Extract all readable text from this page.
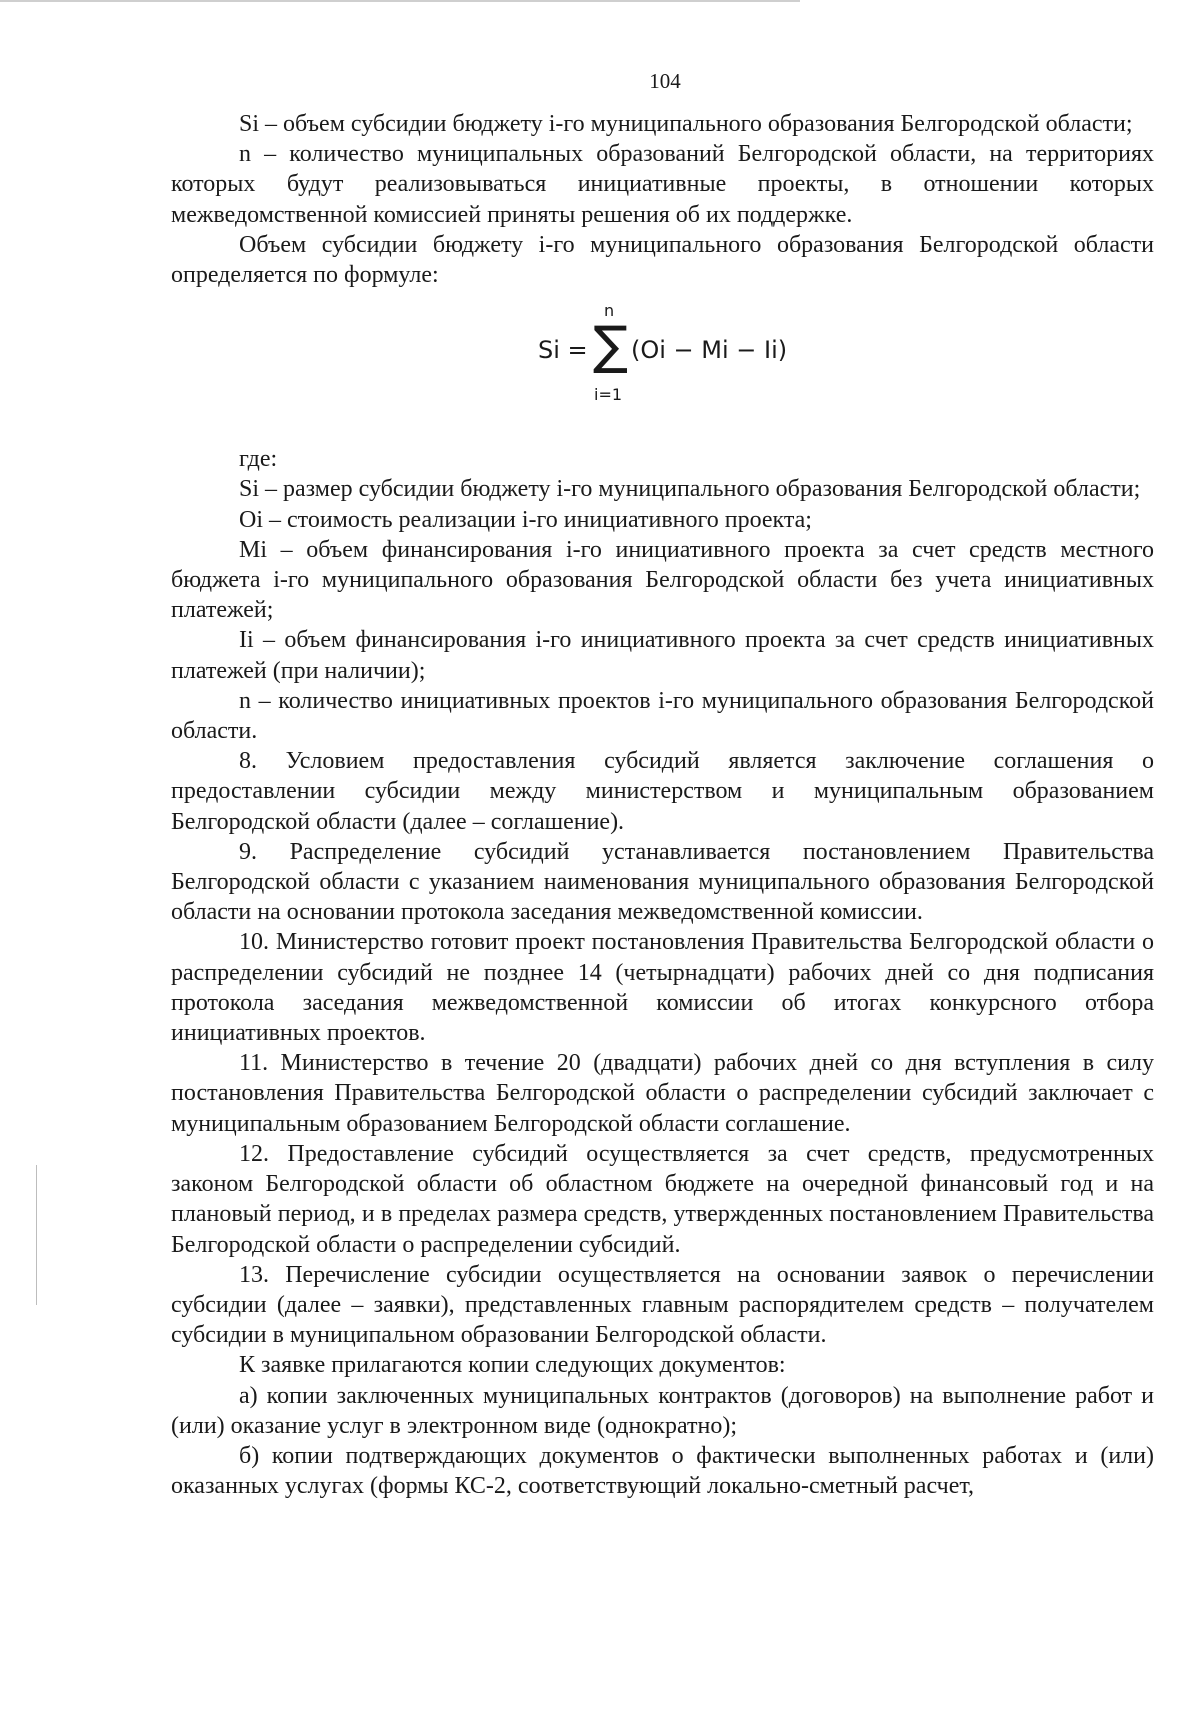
104

Si – объем субсидии бюджету i-го муниципального образования Белгородской области;

n – количество муниципальных образований Белгородской области, на территориях которых будут реализовываться инициативные проекты, в отношении которых межведомственной комиссией приняты решения об их поддержке.

Объем субсидии бюджету i-го муниципального образования Белгородской области определяется по формуле:

Si =
n
∑
i=1
(Oi − Mi − Ii)

где:

Si – размер субсидии бюджету i-го муниципального образования Белгородской области;

Oi – стоимость реализации i-го инициативного проекта;

Mi – объем финансирования i-го инициативного проекта за счет средств местного бюджета i-го муниципального образования Белгородской области без учета инициативных платежей;

Ii – объем финансирования i-го инициативного проекта за счет средств инициативных платежей (при наличии);

n – количество инициативных проектов i-го муниципального образования Белгородской области.

8. Условием предоставления субсидий является заключение соглашения о предоставлении субсидии между министерством и муниципальным образованием Белгородской области (далее – соглашение).

9. Распределение субсидий устанавливается постановлением Правительства Белгородской области с указанием наименования муниципального образования Белгородской области на основании протокола заседания межведомственной комиссии.

10. Министерство готовит проект постановления Правительства Белгородской области о распределении субсидий не позднее 14 (четырнадцати) рабочих дней со дня подписания протокола заседания межведомственной комиссии об итогах конкурсного отбора инициативных проектов.

11. Министерство в течение 20 (двадцати) рабочих дней со дня вступления в силу постановления Правительства Белгородской области о распределении субсидий заключает с муниципальным образованием Белгородской области соглашение.

12. Предоставление субсидий осуществляется за счет средств, предусмотренных законом Белгородской области об областном бюджете на очередной финансовый год и на плановый период, и в пределах размера средств, утвержденных постановлением Правительства Белгородской области о распределении субсидий.

13. Перечисление субсидии осуществляется на основании заявок о перечислении субсидии (далее – заявки), представленных главным распорядителем средств – получателем субсидии в муниципальном образовании Белгородской области.

К заявке прилагаются копии следующих документов:

а) копии заключенных муниципальных контрактов (договоров) на выполнение работ и (или) оказание услуг в электронном виде (однократно);

б) копии подтверждающих документов о фактически выполненных работах и (или) оказанных услугах (формы КС-2, соответствующий локально-сметный расчет,
